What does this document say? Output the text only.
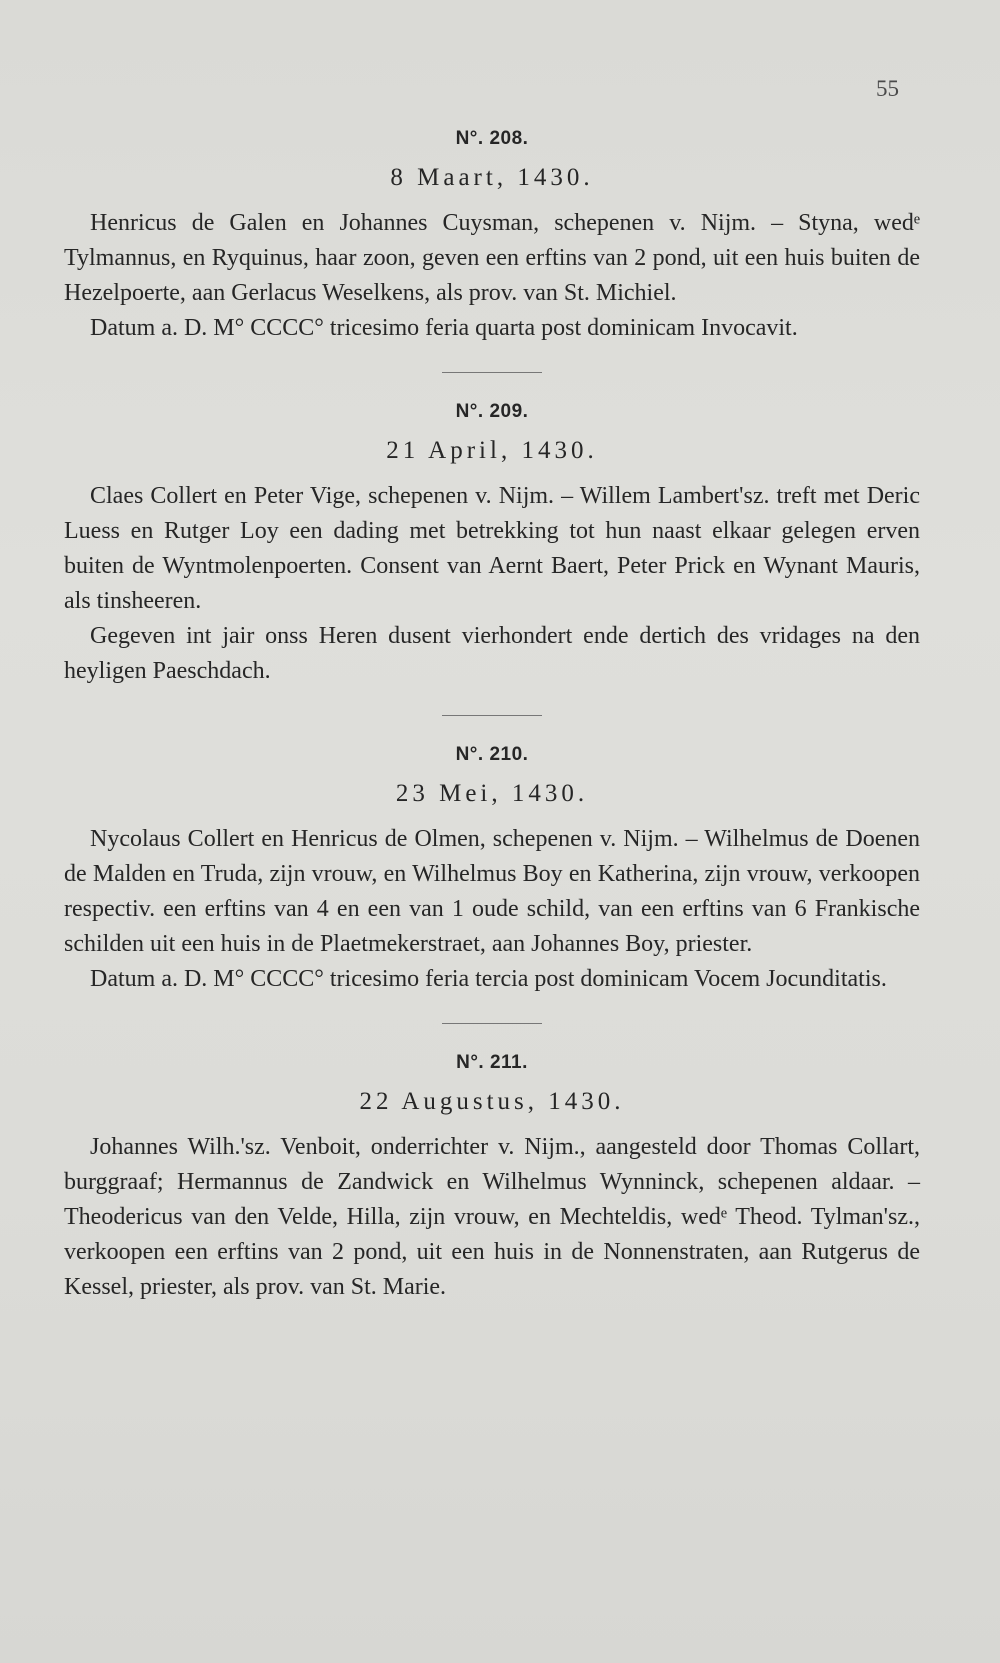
55
N°. 208.
8 Maart, 1430.

Henricus de Galen en Johannes Cuysman, schepenen v. Nijm. – Styna, wedᵉ Tylmannus, en Ryquinus, haar zoon, geven een erftins van 2 pond, uit een huis buiten de Hezelpoerte, aan Gerlacus Weselkens, als prov. van St. Michiel.

Datum a. D. M° CCCC° tricesimo feria quarta post dominicam Invocavit.

N°. 209.
21 April, 1430.

Claes Collert en Peter Vige, schepenen v. Nijm. – Willem Lambert'sz. treft met Deric Luess en Rutger Loy een dading met betrekking tot hun naast elkaar gelegen erven buiten de Wyntmolenpoerten. Consent van Aernt Baert, Peter Prick en Wynant Mauris, als tinsheeren.

Gegeven int jair onss Heren dusent vierhondert ende dertich des vridages na den heyligen Paeschdach.

N°. 210.
23 Mei, 1430.

Nycolaus Collert en Henricus de Olmen, schepenen v. Nijm. – Wilhelmus de Doenen de Malden en Truda, zijn vrouw, en Wilhelmus Boy en Katherina, zijn vrouw, verkoopen respectiv. een erftins van 4 en een van 1 oude schild, van een erftins van 6 Frankische schilden uit een huis in de Plaetmekerstraet, aan Johannes Boy, priester.

Datum a. D. M° CCCC° tricesimo feria tercia post dominicam Vocem Jocunditatis.

N°. 211.
22 Augustus, 1430.

Johannes Wilh.'sz. Venboit, onderrichter v. Nijm., aangesteld door Thomas Collart, burggraaf; Hermannus de Zandwick en Wilhelmus Wynninck, schepenen aldaar. – Theodericus van den Velde, Hilla, zijn vrouw, en Mechteldis, wedᵉ Theod. Tylman'sz., verkoopen een erftins van 2 pond, uit een huis in de Nonnenstraten, aan Rutgerus de Kessel, priester, als prov. van St. Marie.
